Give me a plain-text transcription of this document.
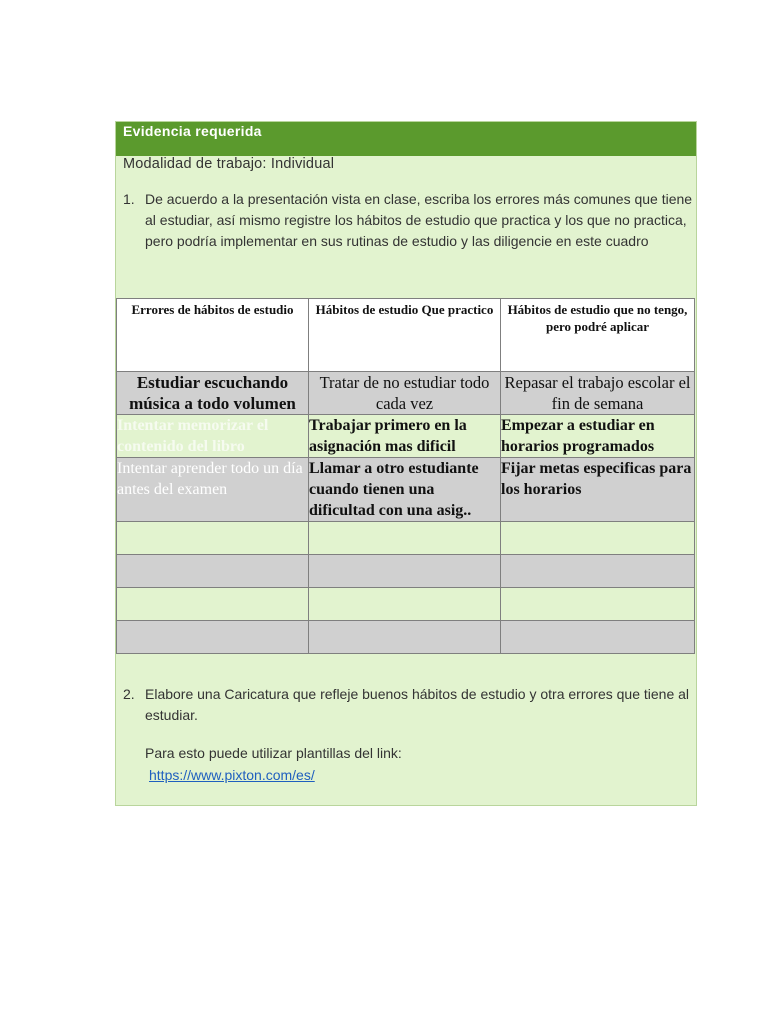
Evidencia requerida
Modalidad de trabajo: Individual
1. De acuerdo a la presentación vista en clase, escriba los errores más comunes que tiene al estudiar, así mismo registre los hábitos de estudio que practica y los que no practica, pero podría implementar en sus rutinas de estudio y las diligencie en este cuadro
Errores de hábitos de estudio	Hábitos de estudio Que practico	Hábitos de estudio que no tengo, pero podré aplicar
Estudiar escuchando música a todo volumen	Tratar de no estudiar todo cada vez	Repasar el trabajo escolar el fin de semana
Intentar memorizar el contenido del libro	Trabajar primero en la asignación mas dificil	Empezar a estudiar en horarios programados
Intentar aprender todo un día antes del examen	Llamar a otro estudiante cuando tienen una dificultad con una asig..	Fijar metas especificas para los horarios

2. Elabore una Caricatura que refleje buenos hábitos de estudio y otra errores que tiene al estudiar.
Para esto puede utilizar plantillas del link:
https://www.pixton.com/es/
